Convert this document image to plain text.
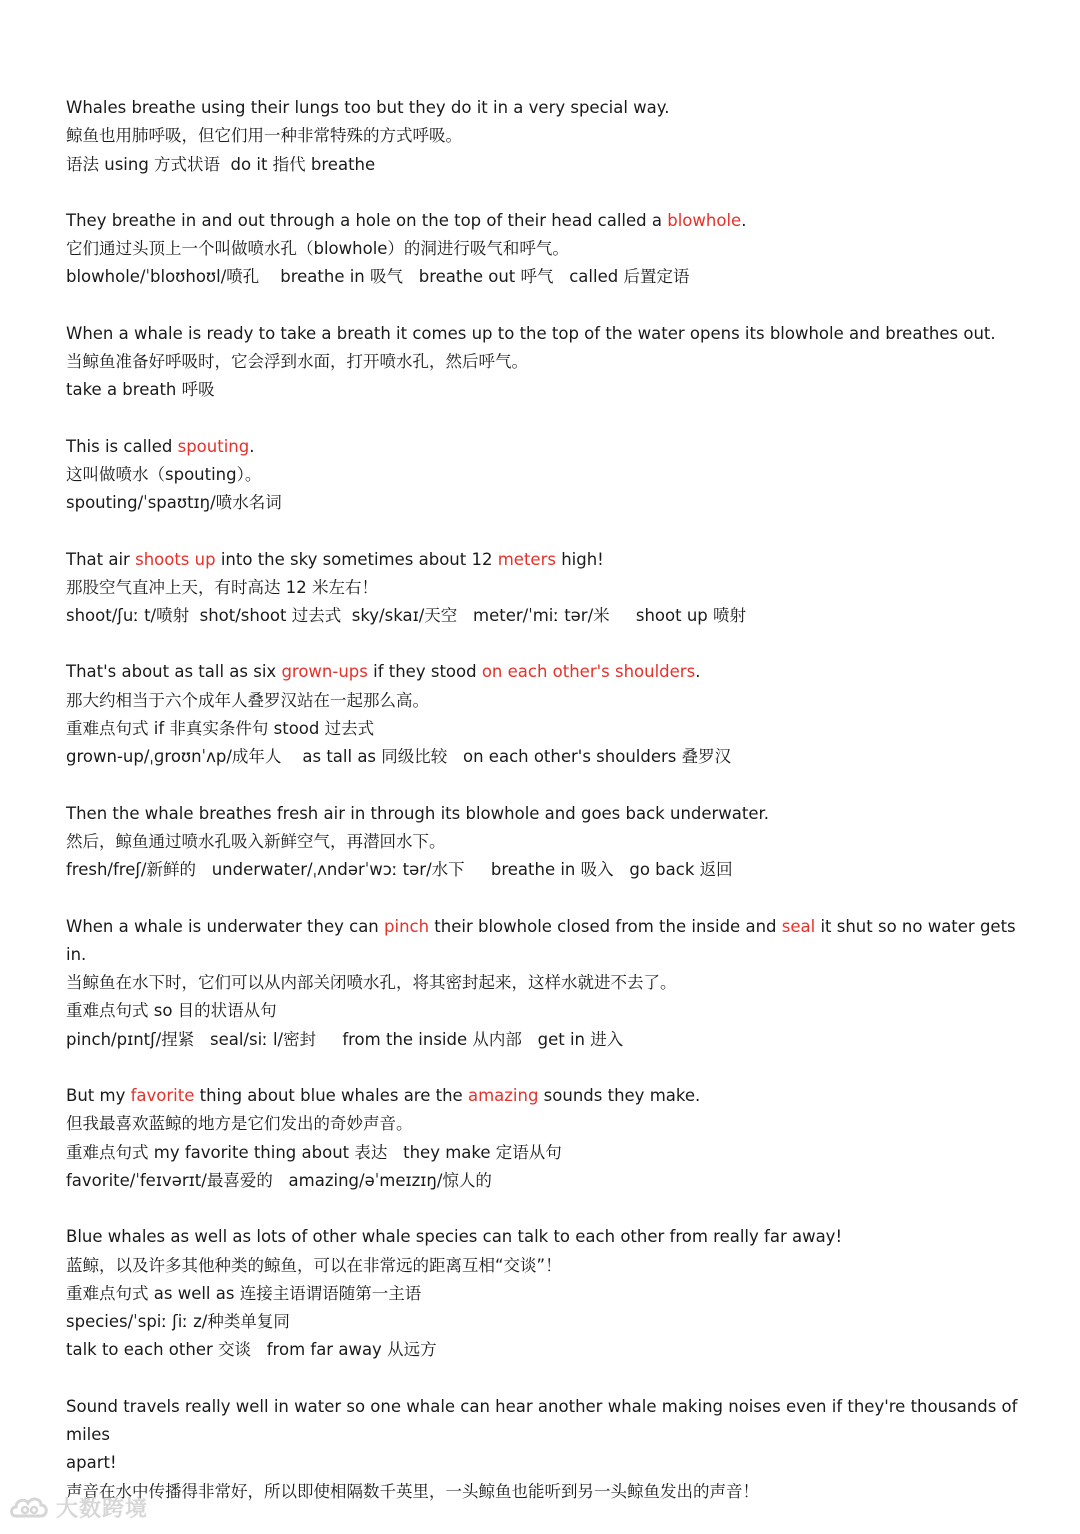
Whales breathe using their lungs too but they do it in a very special way.
鲸鱼也用肺呼吸，但它们用一种非常特殊的方式呼吸。
语法 using 方式状语  do it 指代 breathe
They breathe in and out through a hole on the top of their head called a blowhole.
它们通过头顶上一个叫做喷水孔（blowhole）的洞进行吸气和呼气。
blowhole/ˈbloʊhoʊl/喷孔    breathe in 吸气   breathe out 呼气   called 后置定语
When a whale is ready to take a breath it comes up to the top of the water opens its blowhole and breathes out.
当鲸鱼准备好呼吸时，它会浮到水面，打开喷水孔，然后呼气。
take a breath 呼吸
This is called spouting.
这叫做喷水（spouting）。
spouting/ˈspaʊtɪŋ/喷水名词
That air shoots up into the sky sometimes about 12 meters high!
那股空气直冲上天，有时高达 12 米左右！
shoot/ʃuː t/喷射  shot/shoot 过去式  sky/skaɪ/天空   meter/ˈmiː tər/米     shoot up 喷射
That's about as tall as six grown-ups if they stood on each other's shoulders.
那大约相当于六个成年人叠罗汉站在一起那么高。
重难点句式 if 非真实条件句 stood 过去式
grown-up/ˌɡroʊnˈʌp/成年人    as tall as 同级比较   on each other's shoulders 叠罗汉
Then the whale breathes fresh air in through its blowhole and goes back underwater.
然后，鲸鱼通过喷水孔吸入新鲜空气，再潜回水下。
fresh/freʃ/新鲜的   underwater/ˌʌndərˈwɔː tər/水下     breathe in 吸入   go back 返回
When a whale is underwater they can pinch their blowhole closed from the inside and seal it shut so no water gets in.
当鲸鱼在水下时，它们可以从内部关闭喷水孔，将其密封起来，这样水就进不去了。
重难点句式 so 目的状语从句
pinch/pɪntʃ/捏紧   seal/siː l/密封     from the inside 从内部   get in 进入
But my favorite thing about blue whales are the amazing sounds they make.
但我最喜欢蓝鲸的地方是它们发出的奇妙声音。
重难点句式 my favorite thing about 表达   they make 定语从句
favorite/ˈfeɪvərɪt/最喜爱的   amazing/əˈmeɪzɪŋ/惊人的
Blue whales as well as lots of other whale species can talk to each other from really far away!
蓝鲸，以及许多其他种类的鲸鱼，可以在非常远的距离互相“交谈”！
重难点句式 as well as 连接主语谓语随第一主语
species/ˈspiː ʃiː z/种类单复同
talk to each other 交谈   from far away 从远方
Sound travels really well in water so one whale can hear another whale making noises even if they're thousands of miles
apart!
声音在水中传播得非常好，所以即使相隔数千英里，一头鲸鱼也能听到另一头鲸鱼发出的声音！
大数跨境
